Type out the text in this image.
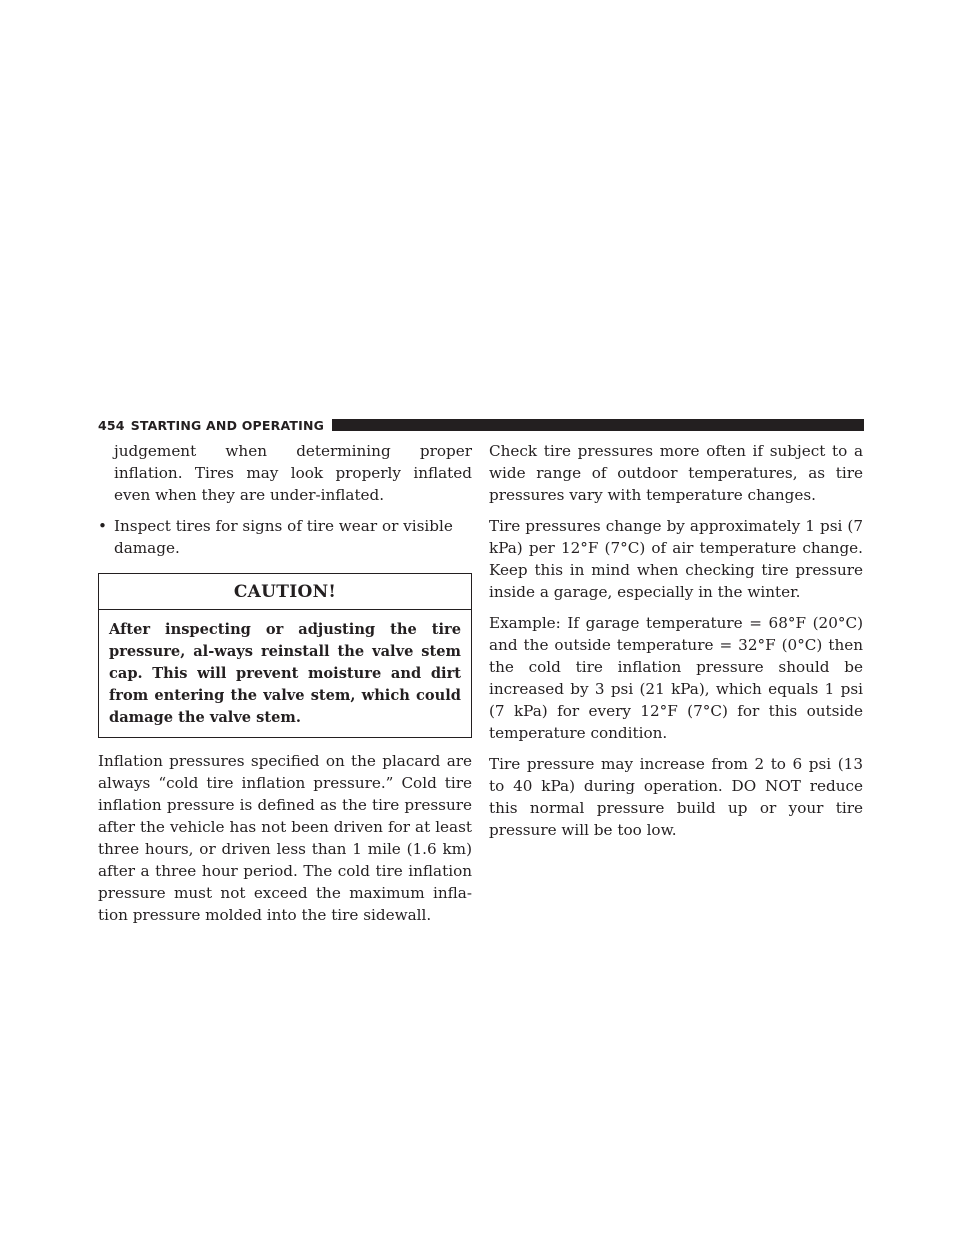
454 STARTING AND OPERATING

judgement when determining proper inflation. Tires may look properly inflated even when they are under-inflated.

• Inspect tires for signs of tire wear or visible damage.
CAUTION!
After inspecting or adjusting the tire pressure, al-ways reinstall the valve stem cap. This will prevent moisture and dirt from entering the valve stem, which could damage the valve stem.

Inflation pressures specified on the placard are always “cold tire inflation pressure.” Cold tire inflation pressure is defined as the tire pressure after the vehicle has not been driven for at least three hours, or driven less than 1 mile (1.6 km) after a three hour period. The cold tire inflation pressure must not exceed the maximum infla-tion pressure molded into the tire sidewall.

Check tire pressures more often if subject to a wide range of outdoor temperatures, as tire pressures vary with temperature changes.

Tire pressures change by approximately 1 psi (7 kPa) per 12°F (7°C) of air temperature change. Keep this in mind when checking tire pressure inside a garage, especially in the winter.

Example: If garage temperature = 68°F (20°C) and the outside temperature = 32°F (0°C) then the cold tire inflation pressure should be increased by 3 psi (21 kPa), which equals 1 psi (7 kPa) for every 12°F (7°C) for this outside temperature condition.

Tire pressure may increase from 2 to 6 psi (13 to 40 kPa) during operation. DO NOT reduce this normal pressure build up or your tire pressure will be too low.
